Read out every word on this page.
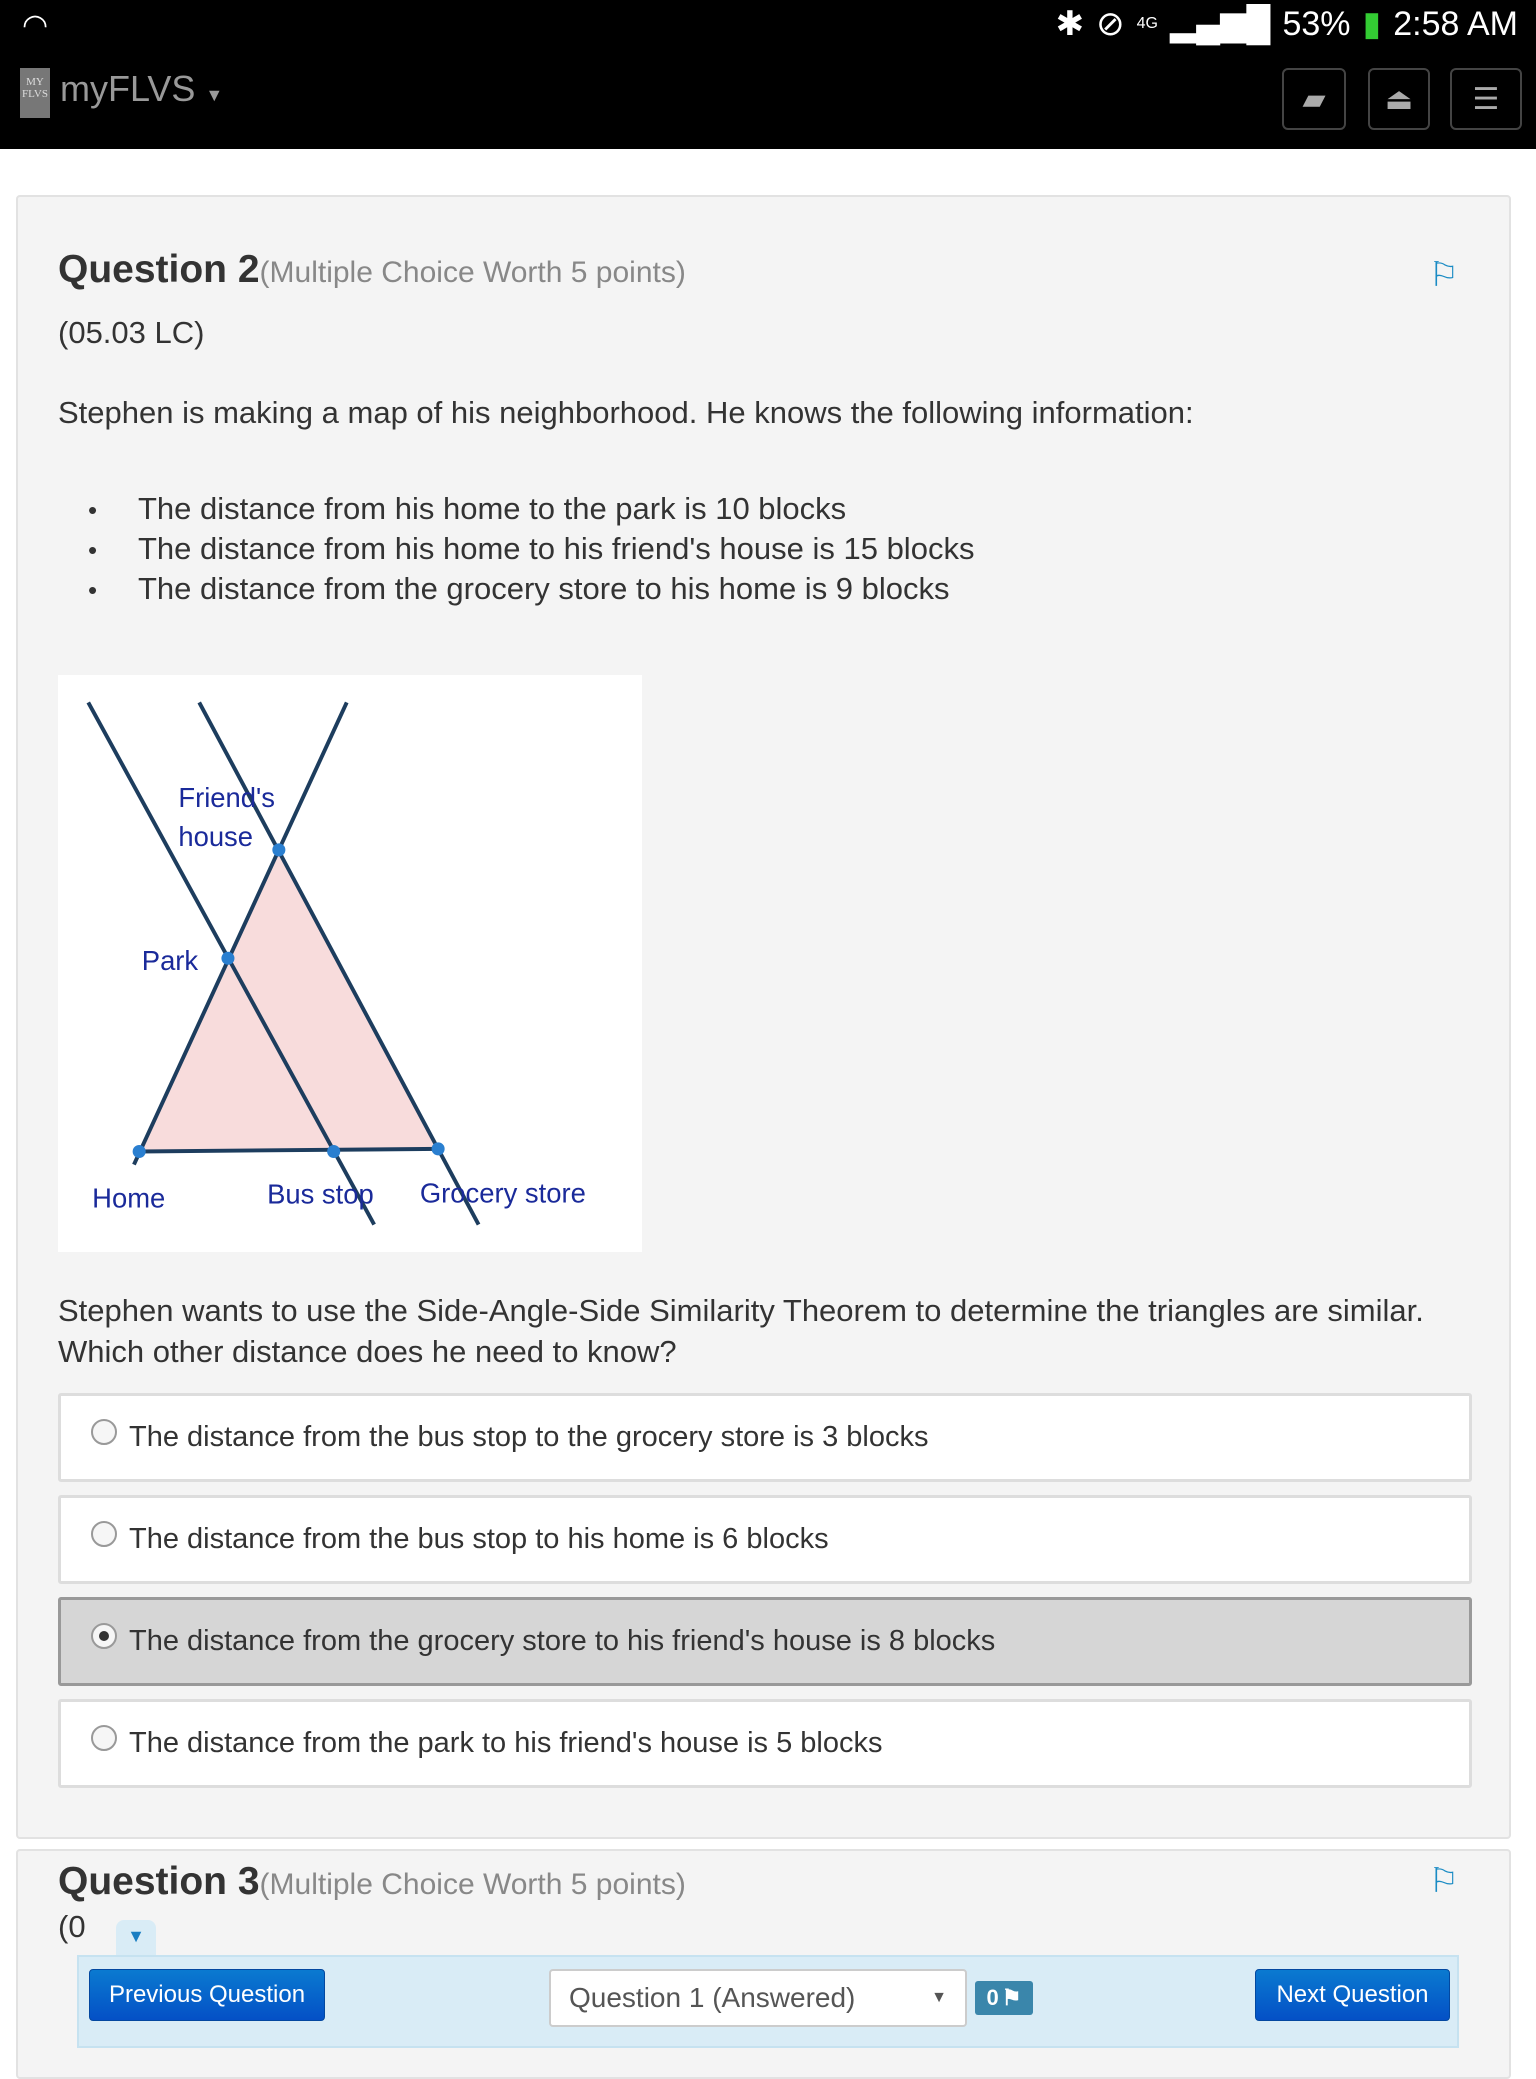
◠	✱ ⊘ 4G ▂▄▆█ 53% ▮ 2:58 AM
MY
FLVS myFLVS ▼	▰ ⏏ ☰
Question 2(Multiple Choice Worth 5 points)	⚐
(05.03 LC)
Stephen is making a map of his neighborhood. He knows the following information:
• The distance from his home to the park is 10 blocks
• The distance from his home to his friend's house is 15 blocks
• The distance from the grocery store to his home is 9 blocks
Friend's
house
Park
Home	Bus stop Grocery store
Stephen wants to use the Side-Angle-Side Similarity Theorem to determine the triangles are similar.
Which other distance does he need to know?
The distance from the bus stop to the grocery store is 3 blocks
The distance from the bus stop to his home is 6 blocks
The distance from the grocery store to his friend's house is 8 blocks
The distance from the park to his friend's house is 5 blocks
Question 3(Multiple Choice Worth 5 points)	⚐
(0	▼
Previous Question	Question 1 (Answered)	▼ 0 ⚑	Next Question
